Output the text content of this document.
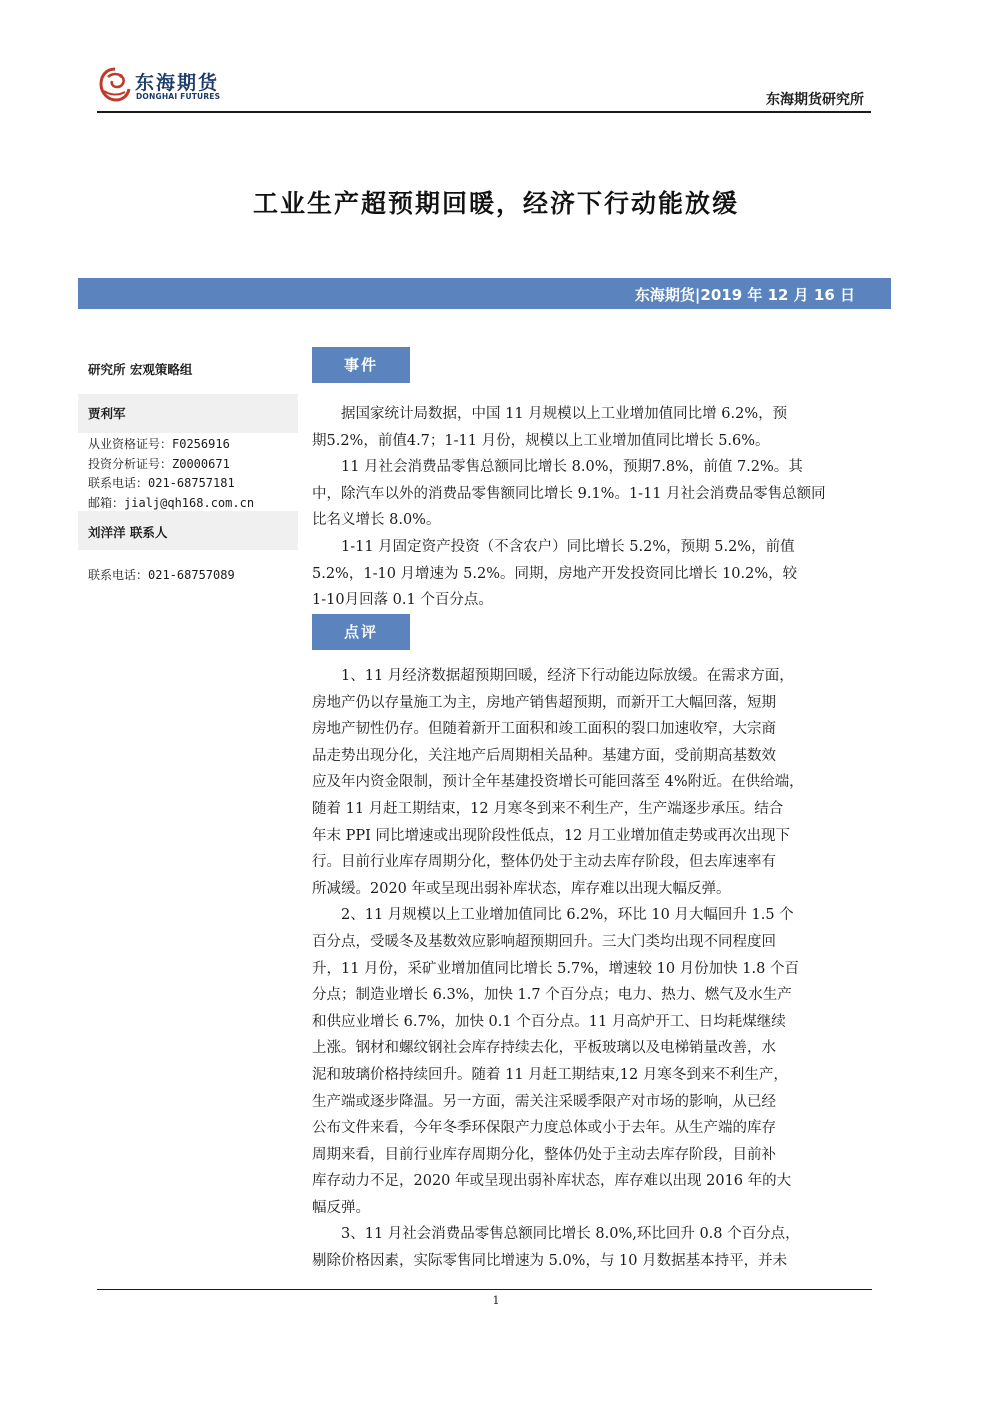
东海期货
DONGHAI FUTURES	东海期货研究所
工业生产超预期回暖，经济下行动能放缓
东海期货|2019 年 12 月 16 日
研究所 宏观策略组
贾利军
从业资格证号：F0256916
投资分析证号：Z0000671
联系电话：021-68757181
邮箱：jialj@qh168.com.cn
刘洋洋 联系人
联系电话：021-68757089
事件
据国家统计局数据，中国 11 月规模以上工业增加值同比增 6.2%，预
期5.2%，前值4.7；1-11 月份，规模以上工业增加值同比增长 5.6%。
11 月社会消费品零售总额同比增长 8.0%，预期7.8%，前值 7.2%。其
中，除汽车以外的消费品零售额同比增长 9.1%。1-11 月社会消费品零售总额同
比名义增长 8.0%。
1-11 月固定资产投资（不含农户）同比增长 5.2%，预期 5.2%，前值
5.2%，1-10 月增速为 5.2%。同期，房地产开发投资同比增长 10.2%，较
1-10月回落 0.1 个百分点。
点评
1、11 月经济数据超预期回暖，经济下行动能边际放缓。在需求方面，
房地产仍以存量施工为主，房地产销售超预期，而新开工大幅回落，短期
房地产韧性仍存。但随着新开工面积和竣工面积的裂口加速收窄，大宗商
品走势出现分化，关注地产后周期相关品种。基建方面，受前期高基数效
应及年内资金限制，预计全年基建投资增长可能回落至 4%附近。在供给端，
随着 11 月赶工期结束，12 月寒冬到来不利生产，生产端逐步承压。结合
年末 PPI 同比增速或出现阶段性低点，12 月工业增加值走势或再次出现下
行。目前行业库存周期分化，整体仍处于主动去库存阶段，但去库速率有
所减缓。2020 年或呈现出弱补库状态，库存难以出现大幅反弹。
2、11 月规模以上工业增加值同比 6.2%，环比 10 月大幅回升 1.5 个
百分点，受暖冬及基数效应影响超预期回升。三大门类均出现不同程度回
升，11 月份，采矿业增加值同比增长 5.7%，增速较 10 月份加快 1.8 个百
分点；制造业增长 6.3%，加快 1.7 个百分点；电力、热力、燃气及水生产
和供应业增长 6.7%，加快 0.1 个百分点。11 月高炉开工、日均耗煤继续
上涨。钢材和螺纹钢社会库存持续去化，平板玻璃以及电梯销量改善，水
泥和玻璃价格持续回升。随着 11 月赶工期结束,12 月寒冬到来不利生产，
生产端或逐步降温。另一方面，需关注采暖季限产对市场的影响，从已经
公布文件来看，今年冬季环保限产力度总体或小于去年。从生产端的库存
周期来看，目前行业库存周期分化，整体仍处于主动去库存阶段，目前补
库存动力不足，2020 年或呈现出弱补库状态，库存难以出现 2016 年的大
幅反弹。
3、11 月社会消费品零售总额同比增长 8.0%,环比回升 0.8 个百分点，
剔除价格因素，实际零售同比增速为 5.0%，与 10 月数据基本持平，并未
1
